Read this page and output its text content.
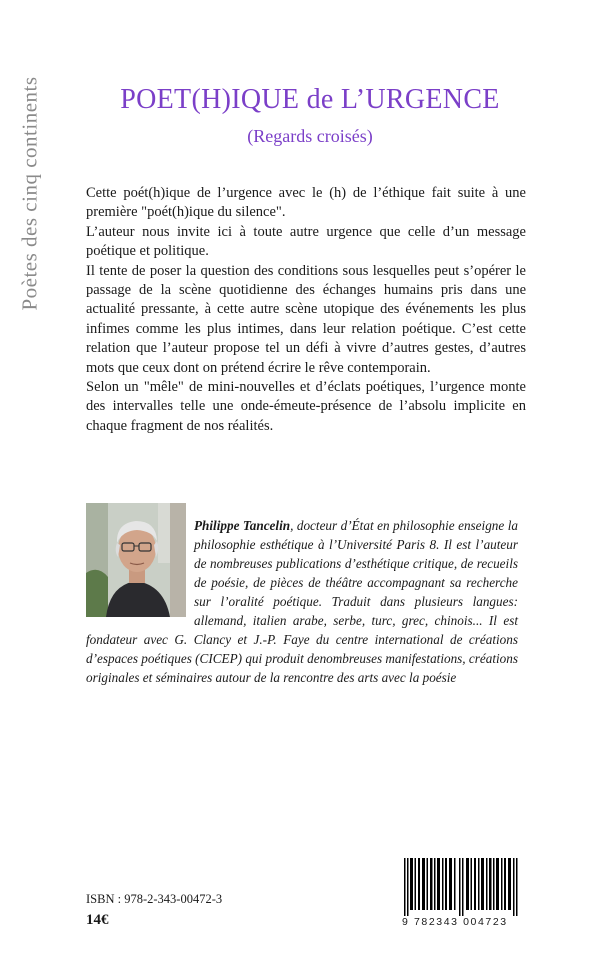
Poètes des cinq continents	POET(H)IQUE de L’URGENCE
(Regards croisés)

Cette poét(h)ique de l’urgence avec le (h) de l’éthique fait suite à une première "poét(h)ique du silence".

L’auteur nous invite ici à toute autre urgence que celle d’un message poétique et politique.

Il tente de poser la question des conditions sous lesquelles peut s’opérer le passage de la scène quotidienne des échanges humains pris dans une actualité pressante, à cette autre scène utopique des événements les plus infimes comme les plus intimes, dans leur relation poétique. C’est cette relation que l’auteur propose tel un défi à vivre d’autres gestes, d’autres mots que ceux dont on prétend écrire le rêve contemporain.

Selon un "mêle" de mini-nouvelles et d’éclats poétiques, l’urgence monte des intervalles telle une onde-émeute-présence de l’absolu implicite en chaque fragment de nos réalités.

Philippe Tancelin, docteur d’État en philosophie enseigne la philosophie esthétique à l’Université Paris 8. Il est l’auteur de nombreuses publications d’esthétique critique, de recueils de poésie, de pièces de théâtre accompagnant sa recherche sur l’oralité poétique. Traduit dans plusieurs langues: allemand, italien arabe, serbe, turc, grec, chinois... Il est fondateur avec G. Clancy et J.-P. Faye du centre international de créations d’espaces poétiques (CICEP) qui produit denombreuses manifestations, créations originales et séminaires autour de la rencontre des arts avec la poésie
ISBN : 978-2-343-00472-3
14€	9 782343 004723
